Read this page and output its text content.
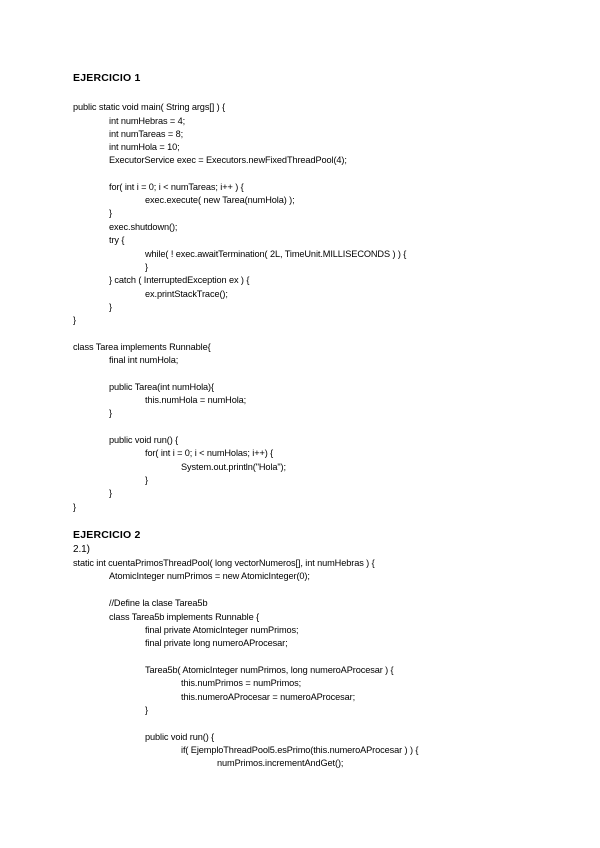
EJERCICIO 1
public static void main( String args[] ) {
int numHebras = 4;
int numTareas = 8;
int numHola = 10;
ExecutorService exec = Executors.newFixedThreadPool(4);
for( int i = 0; i < numTareas; i++ ) {
exec.execute( new Tarea(numHola) );
}
exec.shutdown();
try {
while( ! exec.awaitTermination( 2L, TimeUnit.MILLISECONDS ) ) {
}
} catch ( InterruptedException ex ) {
ex.printStackTrace();
}
}
class Tarea implements Runnable{
final int numHola;
public Tarea(int numHola){
this.numHola = numHola;
}
public void run() {
for( int i = 0; i < numHolas; i++) {
System.out.println("Hola");
}
}
}
EJERCICIO 2
2.1)
static int cuentaPrimosThreadPool( long vectorNumeros[], int numHebras ) {
AtomicInteger numPrimos = new AtomicInteger(0);
//Define la clase Tarea5b
class Tarea5b implements Runnable {
final private AtomicInteger numPrimos;
final private long numeroAProcesar;
Tarea5b( AtomicInteger numPrimos, long numeroAProcesar ) {
this.numPrimos = numPrimos;
this.numeroAProcesar = numeroAProcesar;
}
public void run() {
if( EjemploThreadPool5.esPrimo(this.numeroAProcesar ) ) {
numPrimos.incrementAndGet();
